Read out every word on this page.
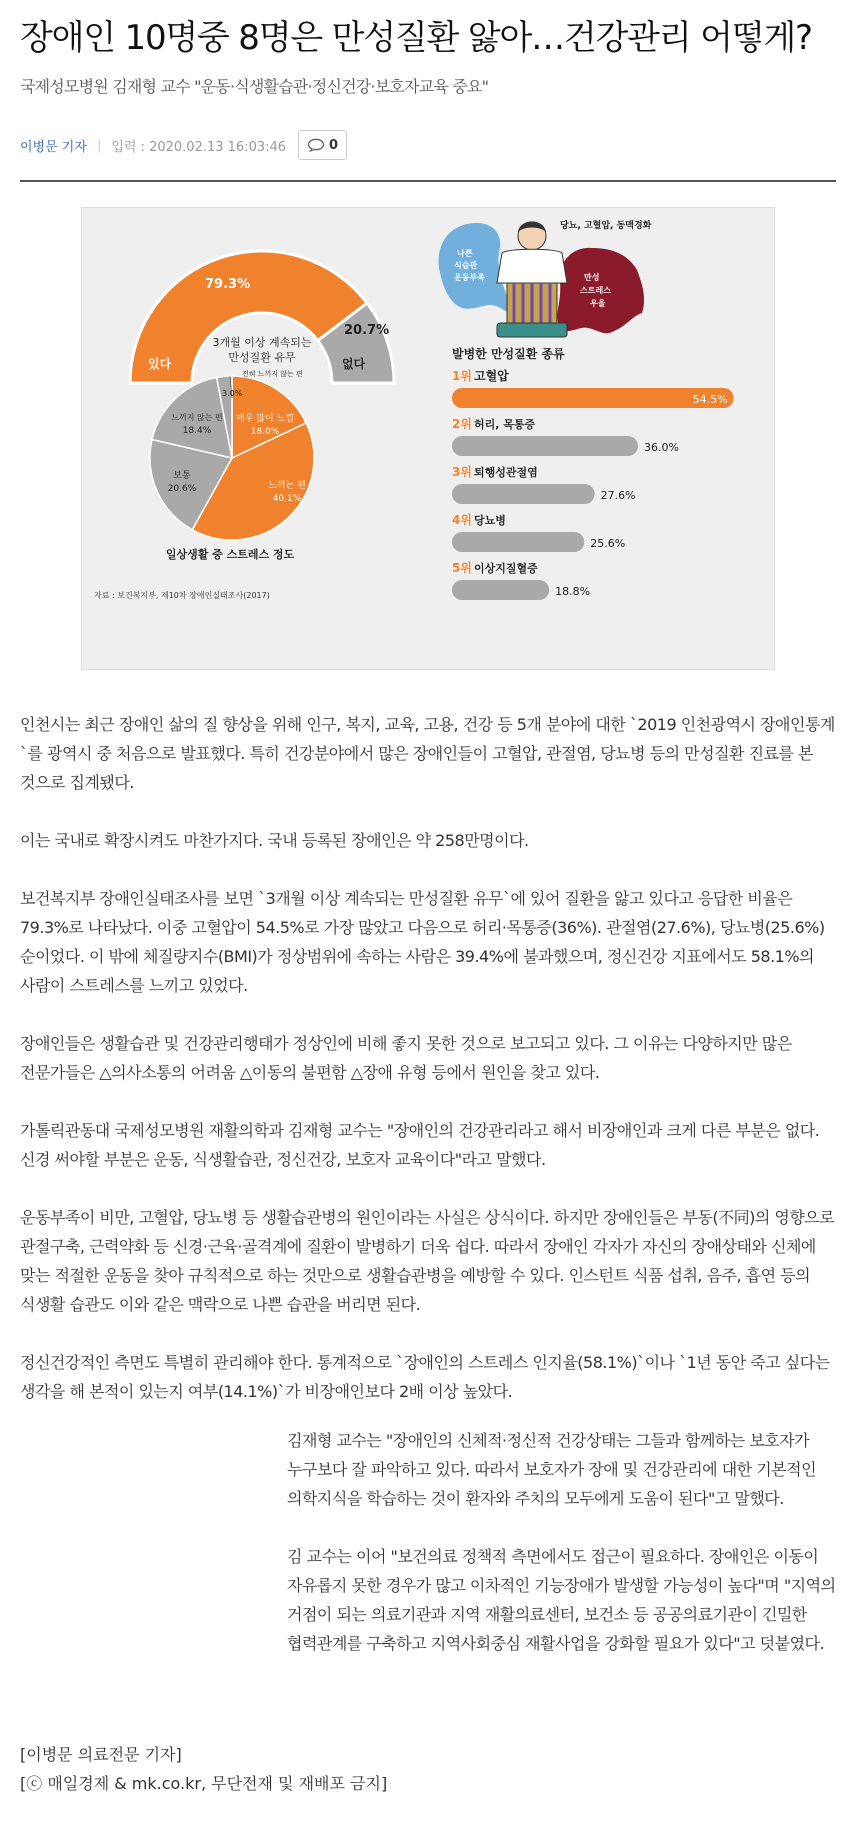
장애인 10명중 8명은 만성질환 앓아…건강관리 어떻게?
국제성모병원 김재형 교수 "운동·식생활습관·정신건강·보호자교육 중요"
이병문 기자 | 입력 : 2020.02.13 16:03:46	0
3개월 이상 계속되는
만성질환 유무
79.3%
20.7%
있다	없다
매우 많이 느낌
18.0%
느끼는 편
40.1%
보통
20.6%
느끼지 않는 편
18.4%
전혀 느끼지 않는 편
3.0%
일상생활 중 스트레스 정도
자료 : 보건복지부, 제10차 장애인실태조사(2017)
나쁜
식습관
운동부족	만성
스트레스
우울
당뇨, 고혈압, 동맥경화
발병한 만성질환 종류
1위 고혈압
54.5%
2위 허리, 목통증
36.0%
3위 퇴행성관절염
27.6%
4위 당뇨병
25.6%
5위 이상지질혈증
18.8%

인천시는 최근 장애인 삶의 질 향상을 위해 인구, 복지, 교육, 고용, 건강 등 5개 분야에 대한 `2019 인천광역시 장애인통계`를 광역시 중 처음으로 발표했다. 특히 건강분야에서 많은 장애인들이 고혈압, 관절염, 당뇨병 등의 만성질환 진료를 본 것으로 집계됐다.

이는 국내로 확장시켜도 마찬가지다. 국내 등록된 장애인은 약 258만명이다.

보건복지부 장애인실태조사를 보면 `3개월 이상 계속되는 만성질환 유무`에 있어 질환을 앓고 있다고 응답한 비율은 79.3%로 나타났다. 이중 고혈압이 54.5%로 가장 많았고 다음으로 허리·목통증(36%). 관절염(27.6%), 당뇨병(25.6%) 순이었다. 이 밖에 체질량지수(BMI)가 정상범위에 속하는 사람은 39.4%에 불과했으며, 정신건강 지표에서도 58.1%의 사람이 스트레스를 느끼고 있었다.

장애인들은 생활습관 및 건강관리행태가 정상인에 비해 좋지 못한 것으로 보고되고 있다. 그 이유는 다양하지만 많은 전문가들은 △의사소통의 어려움 △이동의 불편함 △장애 유형 등에서 원인을 찾고 있다.

가톨릭관동대 국제성모병원 재활의학과 김재형 교수는 "장애인의 건강관리라고 해서 비장애인과 크게 다른 부분은 없다. 신경 써야할 부분은 운동, 식생활습관, 정신건강, 보호자 교육이다"라고 말했다.

운동부족이 비만, 고혈압, 당뇨병 등 생활습관병의 원인이라는 사실은 상식이다. 하지만 장애인들은 부동(不同)의 영향으로 관절구축, 근력약화 등 신경·근육·골격계에 질환이 발병하기 더욱 쉽다. 따라서 장애인 각자가 자신의 장애상태와 신체에 맞는 적절한 운동을 찾아 규칙적으로 하는 것만으로 생활습관병을 예방할 수 있다. 인스턴트 식품 섭취, 음주, 흡연 등의 식생활 습관도 이와 같은 맥락으로 나쁜 습관을 버리면 된다.

정신건강적인 측면도 특별히 관리해야 한다. 통계적으로 `장애인의 스트레스 인지율(58.1%)`이나 `1년 동안 죽고 싶다는 생각을 해 본적이 있는지 여부(14.1%)`가 비장애인보다 2배 이상 높았다.

김재형 교수는 "장애인의 신체적·정신적 건강상태는 그들과 함께하는 보호자가 누구보다 잘 파악하고 있다. 따라서 보호자가 장애 및 건강관리에 대한 기본적인 의학지식을 학습하는 것이 환자와 주치의 모두에게 도움이 된다"고 말했다.

김 교수는 이어 "보건의료 정책적 측면에서도 접근이 필요하다. 장애인은 이동이 자유롭지 못한 경우가 많고 이차적인 기능장애가 발생할 가능성이 높다"며 "지역의 거점이 되는 의료기관과 지역 재활의료센터, 보건소 등 공공의료기관이 긴밀한 협력관계를 구축하고 지역사회중심 재활사업을 강화할 필요가 있다"고 덧붙였다.

[이병문 의료전문 기자]
[ⓒ 매일경제 & mk.co.kr, 무단전재 및 재배포 금지]
